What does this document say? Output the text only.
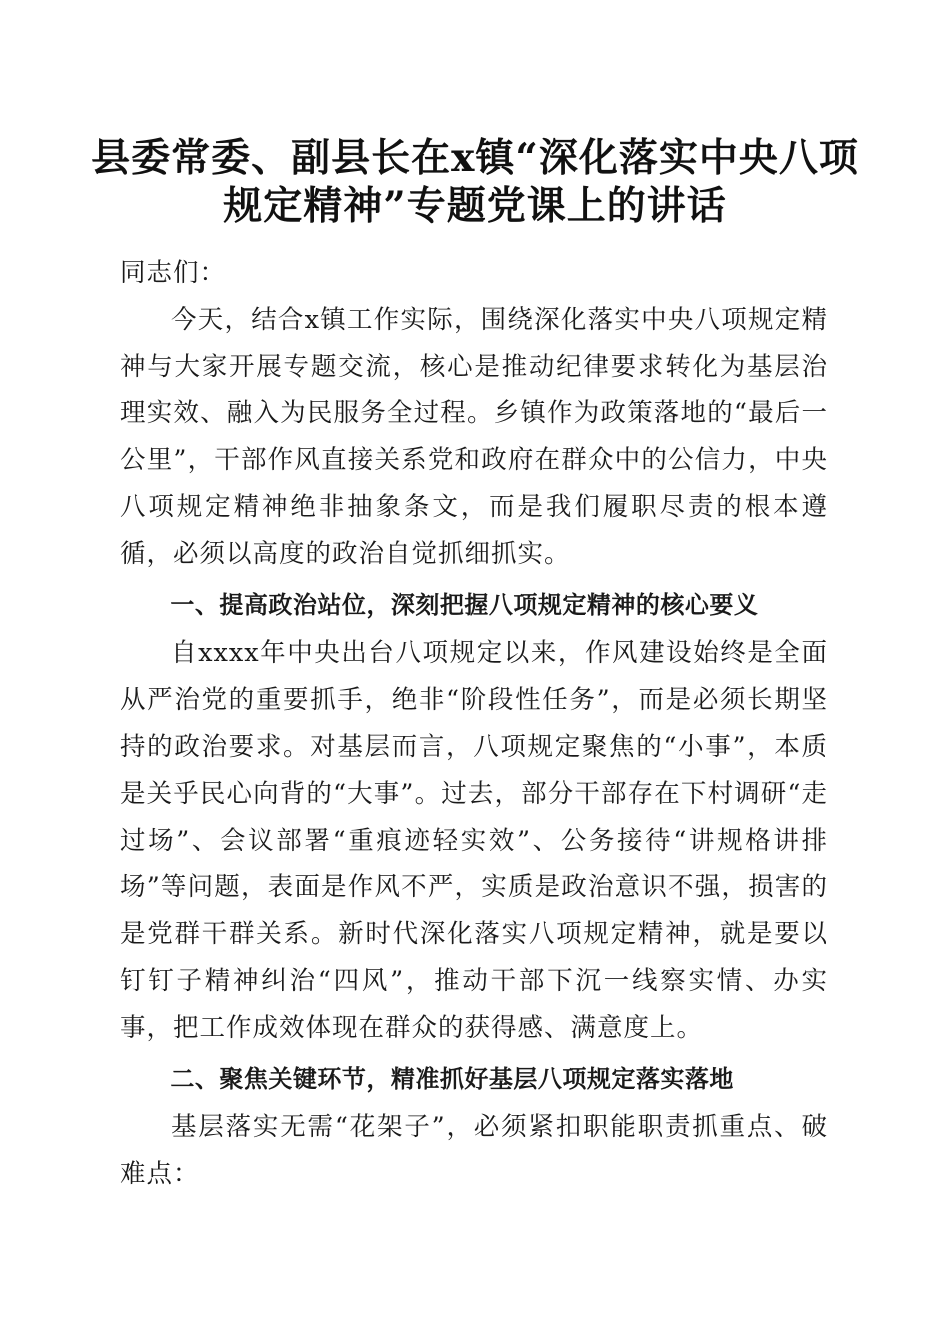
县委常委、副县长在x镇“深化落实中央八项
规定精神”专题党课上的讲话

同志们：

今天，结合x镇工作实际，围绕深化落实中央八项规定精神与大家开展专题交流，核心是推动纪律要求转化为基层治理实效、融入为民服务全过程。乡镇作为政策落地的“最后一公里”，干部作风直接关系党和政府在群众中的公信力，中央八项规定精神绝非抽象条文，而是我们履职尽责的根本遵循，必须以高度的政治自觉抓细抓实。

一、提高政治站位，深刻把握八项规定精神的核心要义

自xxxx年中央出台八项规定以来，作风建设始终是全面从严治党的重要抓手，绝非“阶段性任务”，而是必须长期坚持的政治要求。对基层而言，八项规定聚焦的“小事”，本质是关乎民心向背的“大事”。过去，部分干部存在下村调研“走过场”、会议部署“重痕迹轻实效”、公务接待“讲规格讲排场”等问题，表面是作风不严，实质是政治意识不强，损害的是党群干群关系。新时代深化落实八项规定精神，就是要以钉钉子精神纠治“四风”，推动干部下沉一线察实情、办实事，把工作成效体现在群众的获得感、满意度上。

二、聚焦关键环节，精准抓好基层八项规定落实落地

基层落实无需“花架子”，必须紧扣职能职责抓重点、破难点：
